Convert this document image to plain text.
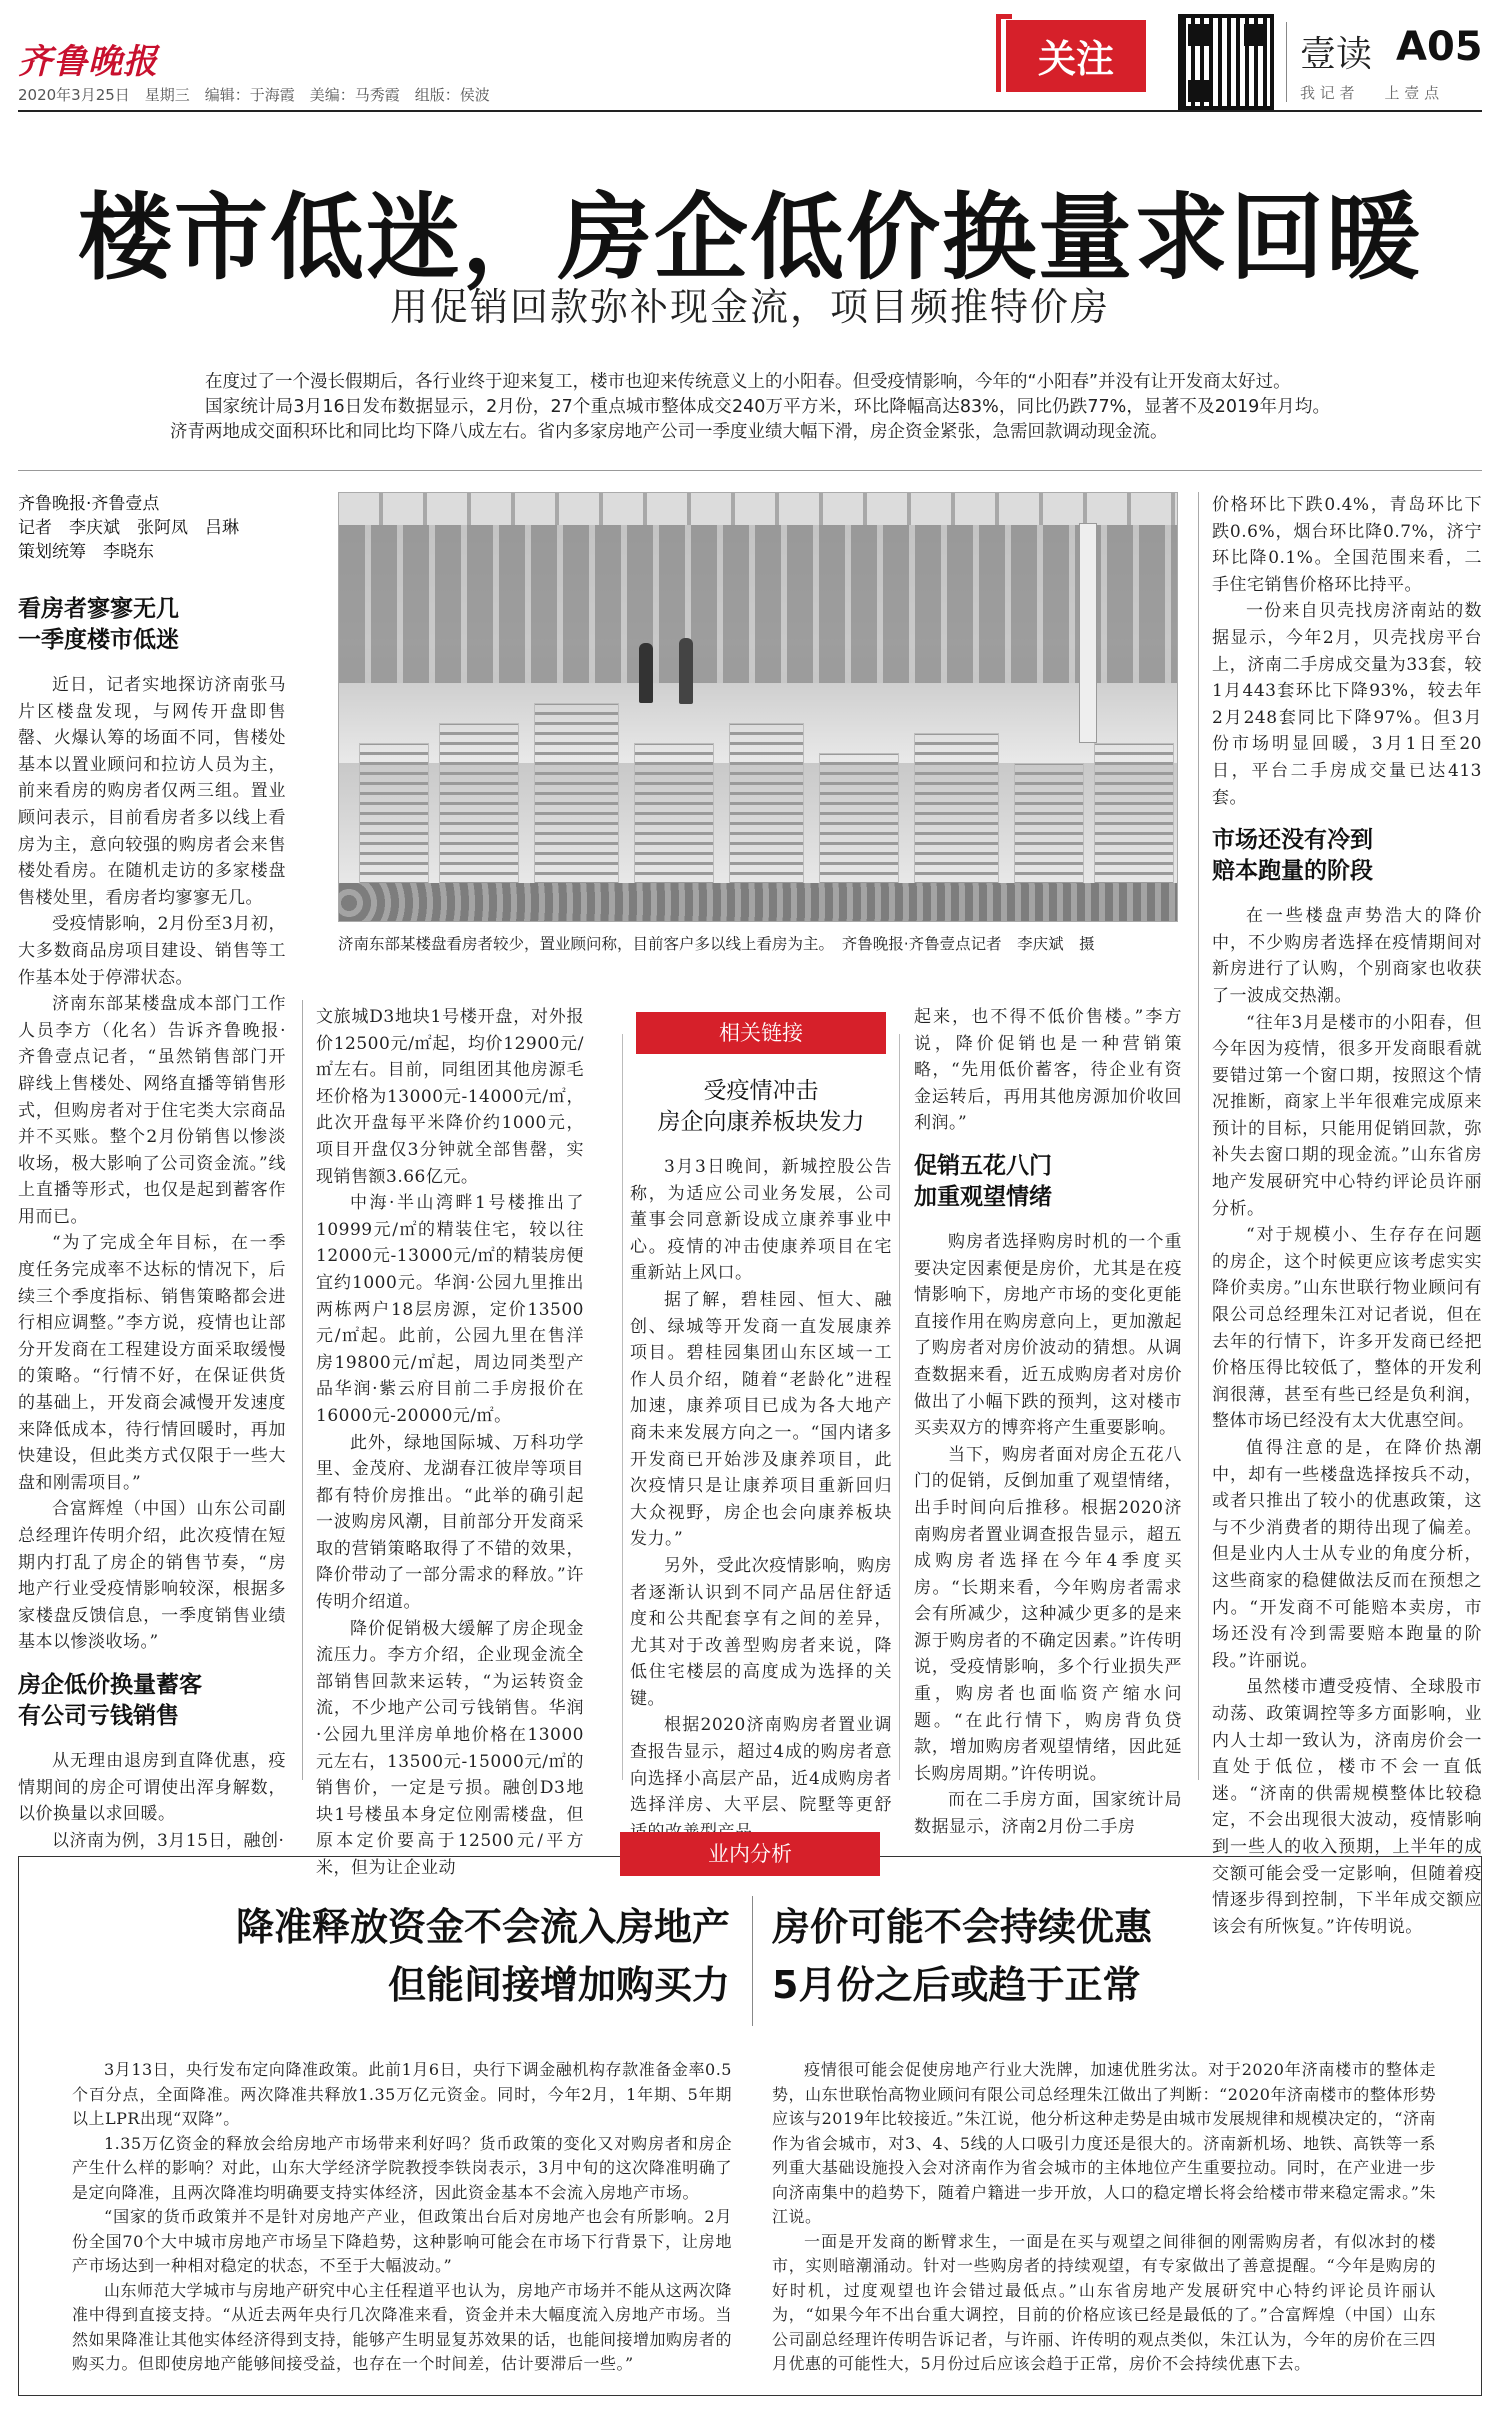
齐鲁晚报
2020年3月25日　星期三　编辑：于海霞　美编：马秀霞　组版：侯波
关注	壹读 A05
我 记 者　　上 壹 点
楼市低迷，房企低价换量求回暖
用促销回款弥补现金流，项目频推特价房

在度过了一个漫长假期后，各行业终于迎来复工，楼市也迎来传统意义上的小阳春。但受疫情影响，今年的“小阳春”并没有让开发商太好过。

国家统计局3月16日发布数据显示，2月份，27个重点城市整体成交240万平方米，环比降幅高达83%，同比仍跌77%，显著不及2019年月均。济青两地成交面积环比和同比均下降八成左右。省内多家房地产公司一季度业绩大幅下滑，房企资金紧张，急需回款调动现金流。

齐鲁晚报·齐鲁壹点
记者　李庆斌　张阿凤　吕琳
策划统筹　李晓东
济南东部某楼盘看房者较少，置业顾问称，目前客户多以线上看房为主。　齐鲁晚报·齐鲁壹点记者　李庆斌　摄
看房者寥寥无几
一季度楼市低迷

近日，记者实地探访济南张马片区楼盘发现，与网传开盘即售罄、火爆认筹的场面不同，售楼处基本以置业顾问和拉访人员为主，前来看房的购房者仅两三组。置业顾问表示，目前看房者多以线上看房为主，意向较强的购房者会来售楼处看房。在随机走访的多家楼盘售楼处里，看房者均寥寥无几。

受疫情影响，2月份至3月初，大多数商品房项目建设、销售等工作基本处于停滞状态。

济南东部某楼盘成本部门工作人员李方（化名）告诉齐鲁晚报·齐鲁壹点记者，“虽然销售部门开辟线上售楼处、网络直播等销售形式，但购房者对于住宅类大宗商品并不买账。整个2月份销售以惨淡收场，极大影响了公司资金流。”线上直播等形式，也仅是起到蓄客作用而已。

“为了完成全年目标，在一季度任务完成率不达标的情况下，后续三个季度指标、销售策略都会进行相应调整。”李方说，疫情也让部分开发商在工程建设方面采取缓慢的策略。“行情不好，在保证供货的基础上，开发商会减慢开发速度来降低成本，待行情回暖时，再加快建设，但此类方式仅限于一些大盘和刚需项目。”

合富辉煌（中国）山东公司副总经理许传明介绍，此次疫情在短期内打乱了房企的销售节奏，“房地产行业受疫情影响较深，根据多家楼盘反馈信息，一季度销售业绩基本以惨淡收场。”

房企低价换量蓄客
有公司亏钱销售

从无理由退房到直降优惠，疫情期间的房企可谓使出浑身解数，以价换量以求回暖。

以济南为例，3月15日，融创·

文旅城D3地块1号楼开盘，对外报价12500元/㎡起，均价12900元/㎡左右。目前，同组团其他房源毛坯价格为13000元-14000元/㎡，此次开盘每平米降价约1000元，项目开盘仅3分钟就全部售罄，实现销售额3.66亿元。

中海·半山湾畔1号楼推出了10999元/㎡的精装住宅，较以往12000元-13000元/㎡的精装房便宜约1000元。华润·公园九里推出两栋两户18层房源，定价13500元/㎡起。此前，公园九里在售洋房19800元/㎡起，周边同类型产品华润·紫云府目前二手房报价在16000元-20000元/㎡。

此外，绿地国际城、万科功学里、金茂府、龙湖春江彼岸等项目都有特价房推出。“此举的确引起一波购房风潮，目前部分开发商采取的营销策略取得了不错的效果，降价带动了一部分需求的释放。”许传明介绍道。

降价促销极大缓解了房企现金流压力。李方介绍，企业现金流全部销售回款来运转，“为运转资金流，不少地产公司亏钱销售。华润·公园九里洋房单地价格在13000元左右，13500元-15000元/㎡的销售价，一定是亏损。融创D3地块1号楼虽本身定位刚需楼盘，但原本定价要高于12500元/平方米，但为让企业动

相关链接
受疫情冲击
房企向康养板块发力

3月3日晚间，新城控股公告称，为适应公司业务发展，公司董事会同意新设成立康养事业中心。疫情的冲击使康养项目在宅重新站上风口。

据了解，碧桂园、恒大、融创、绿城等开发商一直发展康养项目。碧桂园集团山东区域一工作人员介绍，随着“老龄化”进程加速，康养项目已成为各大地产商未来发展方向之一。“国内诸多开发商已开始涉及康养项目，此次疫情只是让康养项目重新回归大众视野，房企也会向康养板块发力。”

另外，受此次疫情影响，购房者逐渐认识到不同产品居住舒适度和公共配套享有之间的差异，尤其对于改善型购房者来说，降低住宅楼层的高度成为选择的关键。

根据2020济南购房者置业调查报告显示，超过4成的购房者意向选择小高层产品，近4成购房者选择洋房、大平层、院墅等更舒

起来，也不得不低价售楼。”李方说，降价促销也是一种营销策略，“先用低价蓄客，待企业有资金运转后，再用其他房源加价收回利润。”

促销五花八门
加重观望情绪

购房者选择购房时机的一个重要决定因素便是房价，尤其是在疫情影响下，房地产市场的变化更能直接作用在购房意向上，更加激起了购房者对房价波动的猜想。从调查数据来看，近五成购房者对房价做出了小幅下跌的预判，这对楼市买卖双方的博弈将产生重要影响。

当下，购房者面对房企五花八门的促销，反倒加重了观望情绪，出手时间向后推移。根据2020济南购房者置业调查报告显示，超五成购房者选择在今年4季度买房。“长期来看，今年购房者需求会有所减少，这种减少更多的是来源于购房者的不确定因素。”许传明说，受疫情影响，多个行业损失严重，购房者也面临资产缩水问题。“在此行情下，购房背负贷款，增加购房者观望情绪，因此延长购房周期。”许传明说。

而在二手房方面，国家统计局数据显示，济南2月份二手房

价格环比下跌0.4%，青岛环比下跌0.6%，烟台环比降0.7%，济宁环比降0.1%。全国范围来看，二手住宅销售价格环比持平。

一份来自贝壳找房济南站的数据显示，今年2月，贝壳找房平台上，济南二手房成交量为33套，较1月443套环比下降93%，较去年2月248套同比下降97%。但3月份市场明显回暖，3月1日至20日，平台二手房成交量已达413套。

市场还没有冷到
赔本跑量的阶段

在一些楼盘声势浩大的降价中，不少购房者选择在疫情期间对新房进行了认购，个别商家也收获了一波成交热潮。

“往年3月是楼市的小阳春，但今年因为疫情，很多开发商眼看就要错过第一个窗口期，按照这个情况推断，商家上半年很难完成原来预计的目标，只能用促销回款，弥补失去窗口期的现金流。”山东省房地产发展研究中心特约评论员许丽分析。

“对于规模小、生存存在问题的房企，这个时候更应该考虑实实降价卖房。”山东世联行物业顾问有限公司总经理朱江对记者说，但在去年的行情下，许多开发商已经把价格压得比较低了，整体的开发利润很薄，甚至有些已经是负利润，整体市场已经没有太大优惠空间。

值得注意的是，在降价热潮中，却有一些楼盘选择按兵不动，或者只推出了较小的优惠政策，这与不少消费者的期待出现了偏差。但是业内人士从专业的角度分析，这些商家的稳健做法反而在预想之内。“开发商不可能赔本卖房，市场还没有冷到需要赔本跑量的阶段。”许丽说。

虽然楼市遭受疫情、全球股市动荡、政策调控等多方面影响，业内人士却一致认为，济南房价会一直处于低位，楼市不会一直低迷。“济南的供需规模整体比较稳定，不会出现很大波动，疫情影响到一些人的收入预期，上半年的成交额可能会受一定影响，但随着疫情逐步得到控制，下半年成交额应该会有所恢复。”许传明说。

业内分析
降准释放资金不会流入房地产
但能间接增加购买力
房价可能不会持续优惠
5月份之后或趋于正常

3月13日，央行发布定向降准政策。此前1月6日，央行下调金融机构存款准备金率0.5个百分点，全面降准。两次降准共释放1.35万亿元资金。同时，今年2月，1年期、5年期以上LPR出现“双降”。

1.35万亿资金的释放会给房地产市场带来利好吗？货币政策的变化又对购房者和房企产生什么样的影响？对此，山东大学经济学院教授李铁岗表示，3月中旬的这次降准明确了是定向降准，且两次降准均明确要支持实体经济，因此资金基本不会流入房地产市场。

“国家的货币政策并不是针对房地产产业，但政策出台后对房地产也会有所影响。2月份全国70个大中城市房地产市场呈下降趋势，这种影响可能会在市场下行背景下，让房地产市场达到一种相对稳定的状态，不至于大幅波动。”

山东师范大学城市与房地产研究中心主任程道平也认为，房地产市场并不能从这两次降准中得到直接支持。“从近去两年央行几次降准来看，资金并未大幅度流入房地产市场。当然如果降准让其他实体经济得到支持，能够产生明显复苏效果的话，也能间接增加购房者的购买力。但即使房地产能够间接受益，也存在一个时间差，估计要滞后一些。”

疫情很可能会促使房地产行业大洗牌，加速优胜劣汰。对于2020年济南楼市的整体走势，山东世联怡高物业顾问有限公司总经理朱江做出了判断：“2020年济南楼市的整体形势应该与2019年比较接近。”朱江说，他分析这种走势是由城市发展规律和规模决定的，“济南作为省会城市，对3、4、5线的人口吸引力度还是很大的。济南新机场、地铁、高铁等一系列重大基础设施投入会对济南作为省会城市的主体地位产生重要拉动。同时，在产业进一步向济南集中的趋势下，随着户籍进一步开放，人口的稳定增长将会给楼市带来稳定需求。”朱江说。

一面是开发商的断臂求生，一面是在买与观望之间徘徊的刚需购房者，有似冰封的楼市，实则暗潮涌动。针对一些购房者的持续观望，有专家做出了善意提醒。“今年是购房的好时机，过度观望也许会错过最低点。”山东省房地产发展研究中心特约评论员许丽认为，“如果今年不出台重大调控，目前的价格应该已经是最低的了。”合富辉煌（中国）山东公司副总经理许传明告诉记者，与许丽、许传明的观点类似，朱江认为，今年的房价在三四月优惠的可能性大，5月份过后应该会趋于正常，房价不会持续优惠下去。
